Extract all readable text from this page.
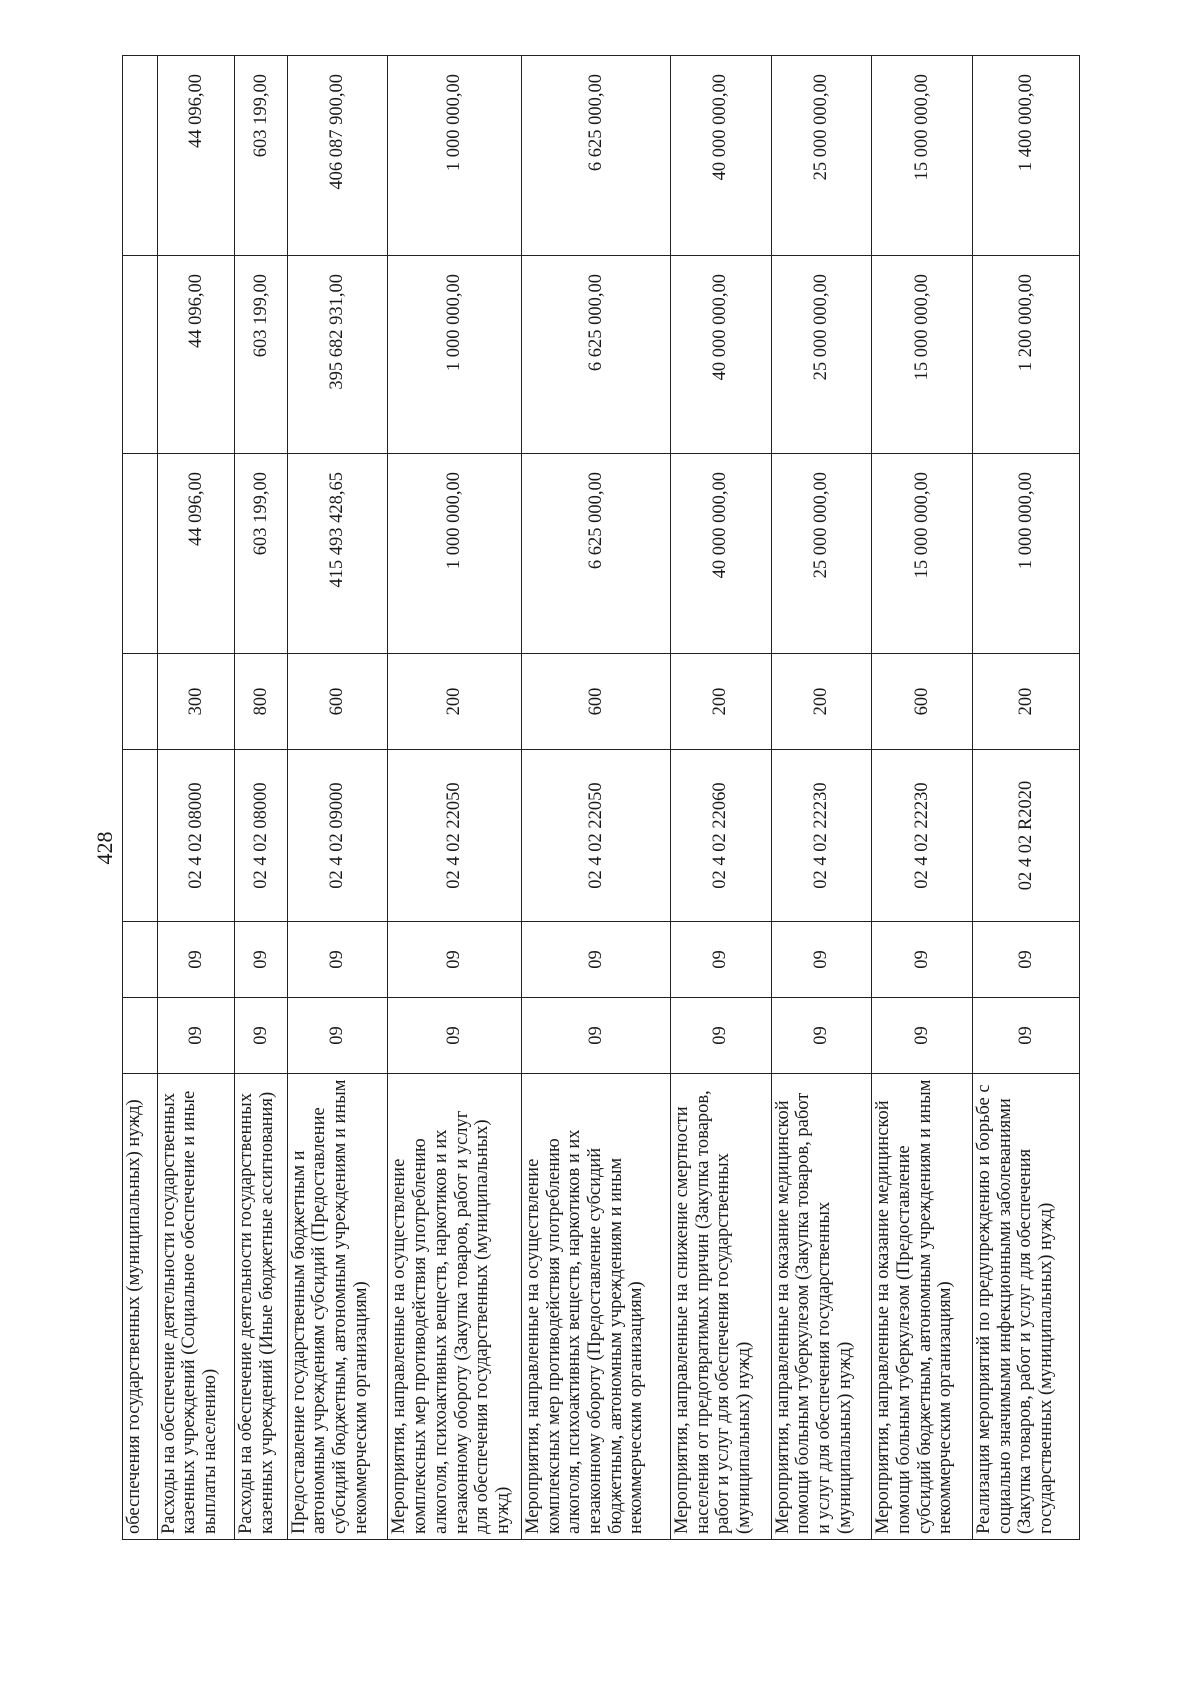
428
обеспечения государственных (муниципальных) нужд)							
Расходы на обеспечение деятельности государственных казенных учреждений (Социальное обеспечение и иные выплаты населению)	09	09	02 4 02 08000	300	44 096,00	44 096,00	44 096,00
Расходы на обеспечение деятельности государственных казенных учреждений (Иные бюджетные ассигнования)	09	09	02 4 02 08000	800	603 199,00	603 199,00	603 199,00
Предоставление государственным бюджетным и автономным учреждениям субсидий (Предоставление субсидий бюджетным, автономным учреждениям и иным некоммерческим организациям)	09	09	02 4 02 09000	600	415 493 428,65	395 682 931,00	406 087 900,00
Мероприятия, направленные на осуществление комплексных мер противодействия употреблению алкоголя, психоактивных веществ, наркотиков и их незаконному обороту (Закупка товаров, работ и услуг для обеспечения государственных (муниципальных) нужд)	09	09	02 4 02 22050	200	1 000 000,00	1 000 000,00	1 000 000,00
Мероприятия, направленные на осуществление комплексных мер противодействия употреблению алкоголя, психоактивных веществ, наркотиков и их незаконному обороту (Предоставление субсидий бюджетным, автономным учреждениям и иным некоммерческим организациям)	09	09	02 4 02 22050	600	6 625 000,00	6 625 000,00	6 625 000,00
Мероприятия, направленные на снижение смертности населения от предотвратимых причин (Закупка товаров, работ и услуг для обеспечения государственных (муниципальных) нужд)	09	09	02 4 02 22060	200	40 000 000,00	40 000 000,00	40 000 000,00
Мероприятия, направленные на оказание медицинской помощи больным туберкулезом (Закупка товаров, работ и услуг для обеспечения государственных (муниципальных) нужд)	09	09	02 4 02 22230	200	25 000 000,00	25 000 000,00	25 000 000,00
Мероприятия, направленные на оказание медицинской помощи больным туберкулезом (Предоставление субсидий бюджетным, автономным учреждениям и иным некоммерческим организациям)	09	09	02 4 02 22230	600	15 000 000,00	15 000 000,00	15 000 000,00
Реализация мероприятий по предупреждению и борьбе с социально значимыми инфекционными заболеваниями (Закупка товаров, работ и услуг для обеспечения государственных (муниципальных) нужд)	09	09	02 4 02 R2020	200	1 000 000,00	1 200 000,00	1 400 000,00
